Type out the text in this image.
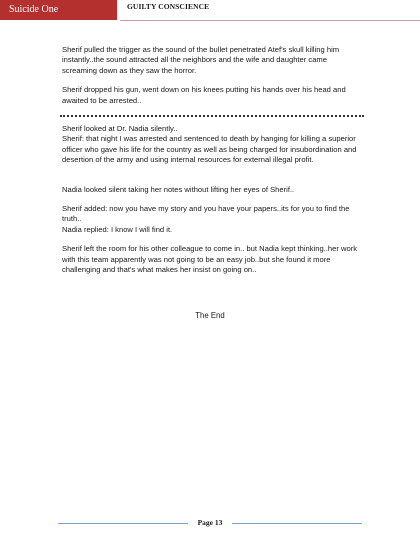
Suicide One	GUILTY CONSCIENCE

Sherif pulled the trigger as the sound of the bullet penetrated Atef's skull killing him instantly..the sound attracted all the neighbors and the wife and daughter came screaming down as they saw the horror.

Sherif dropped his gun, went down on his knees putting his hands over his head and awaited to be arrested..

Sherif looked at Dr. Nadia silently..

Sherif: that night I was arrested and sentenced to death by hanging for killing a superior officer who gave his life for the country as well as being charged for insubordination and desertion of the army and using internal resources for external illegal profit.

Nadia looked silent taking her notes without lifting her eyes of Sherif..

Sherif added: now you have my story and you have your papers..its for you to find the truth..

Nadia replied: I know I will find it.

Sherif left the room for his other colleague to come in.. but Nadia kept thinking..her work with this team apparently was not going to be an easy job..but she found it more challenging and that's what makes her insist on going on..

The End
Page 13
